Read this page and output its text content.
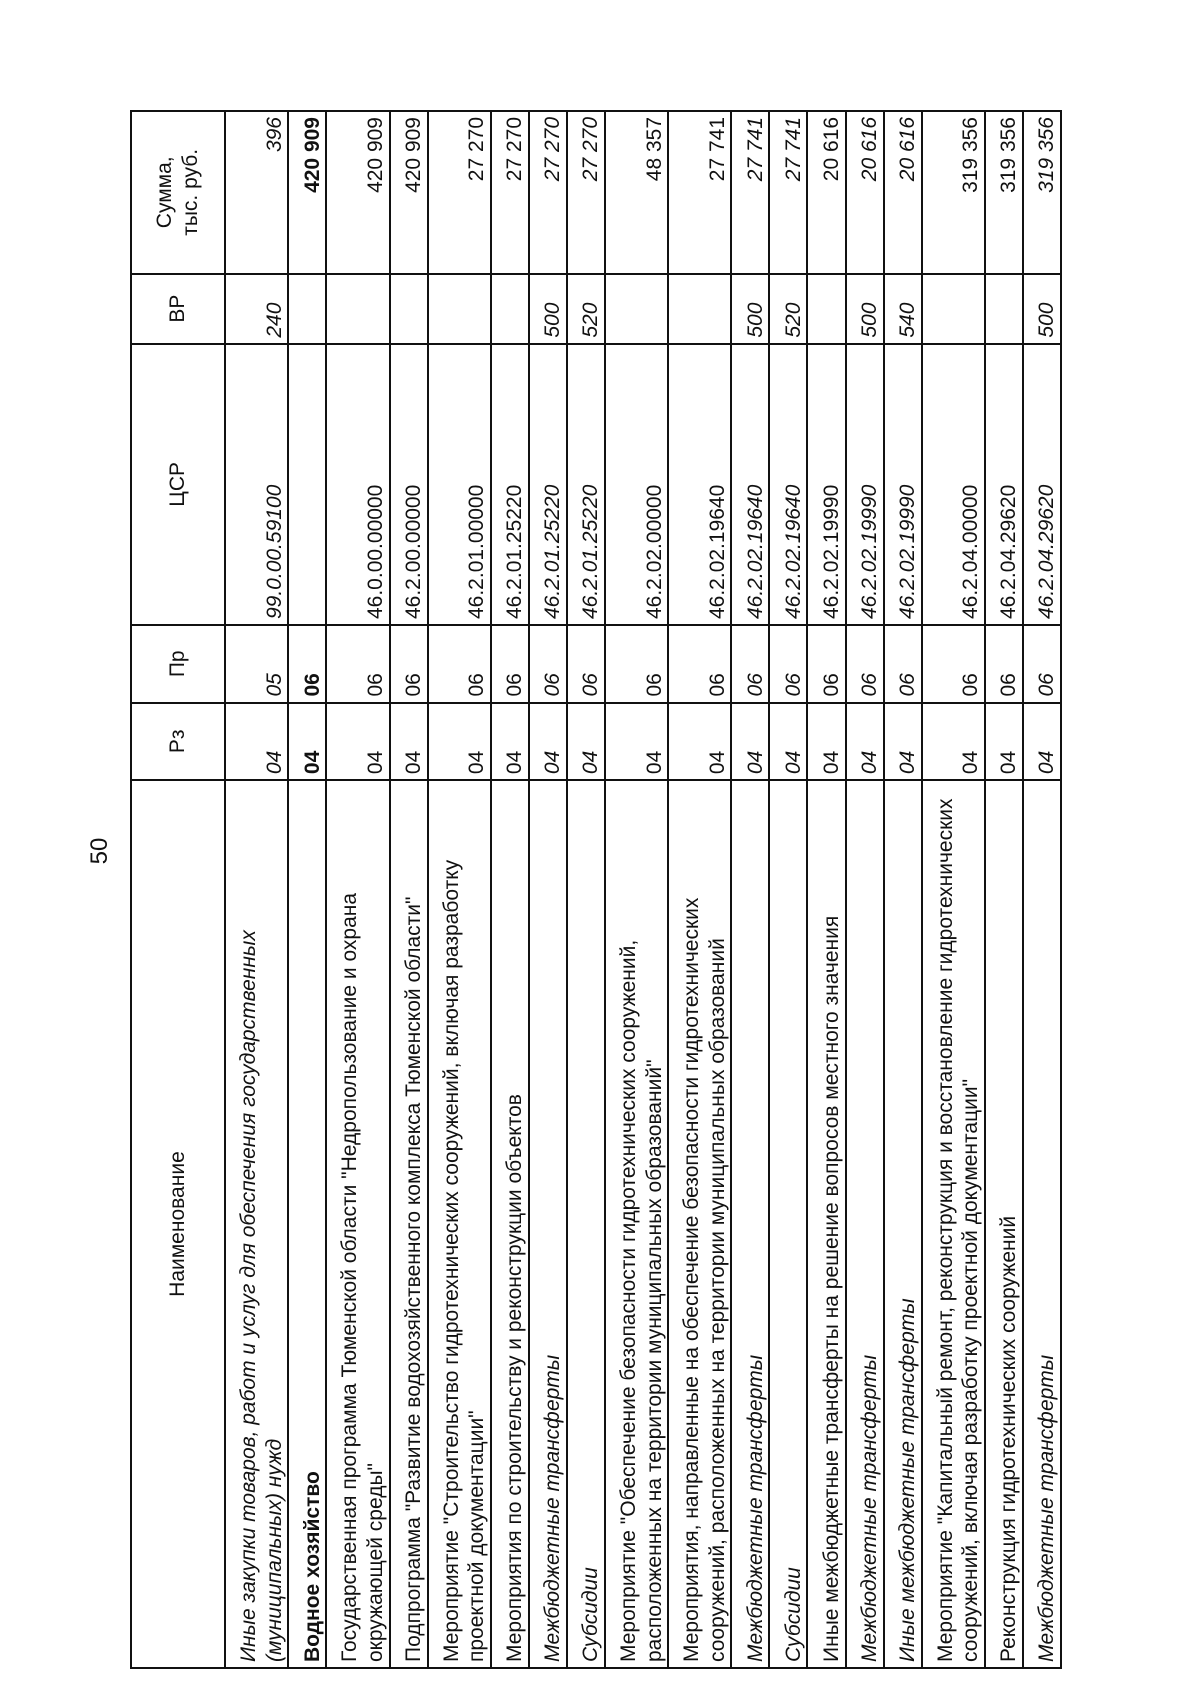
50
Наименование	Рз	Пр	ЦСР	ВР	Сумма, тыс. руб.

Иные закупки товаров, работ и услуг для обеспечения государственных (муниципальных) нужд	04	05	99.0.00.59100	240	396
Водное хозяйство	04	06			420 909
Государственная программа Тюменской области "Недропользование и охрана окружающей среды"	04	06	46.0.00.00000		420 909
Подпрограмма "Развитие водохозяйственного комплекса Тюменской области"	04	06	46.2.00.00000		420 909
Мероприятие "Строительство гидротехнических сооружений, включая разработку проектной документации"	04	06	46.2.01.00000		27 270
Мероприятия по строительству и реконструкции объектов	04	06	46.2.01.25220		27 270
Межбюджетные трансферты	04	06	46.2.01.25220	500	27 270
Субсидии	04	06	46.2.01.25220	520	27 270
Мероприятие "Обеспечение безопасности гидротехнических сооружений, расположенных на территории муниципальных образований"	04	06	46.2.02.00000		48 357
Мероприятия, направленные на обеспечение безопасности гидротехнических сооружений, расположенных на территории муниципальных образований	04	06	46.2.02.19640		27 741
Межбюджетные трансферты	04	06	46.2.02.19640	500	27 741
Субсидии	04	06	46.2.02.19640	520	27 741
Иные межбюджетные трансферты на решение вопросов местного значения	04	06	46.2.02.19990		20 616
Межбюджетные трансферты	04	06	46.2.02.19990	500	20 616
Иные межбюджетные трансферты	04	06	46.2.02.19990	540	20 616
Мероприятие "Капитальный ремонт, реконструкция и восстановление гидротехнических сооружений, включая разработку проектной документации"	04	06	46.2.04.00000		319 356
Реконструкция гидротехнических сооружений	04	06	46.2.04.29620		319 356
Межбюджетные трансферты	04	06	46.2.04.29620	500	319 356
